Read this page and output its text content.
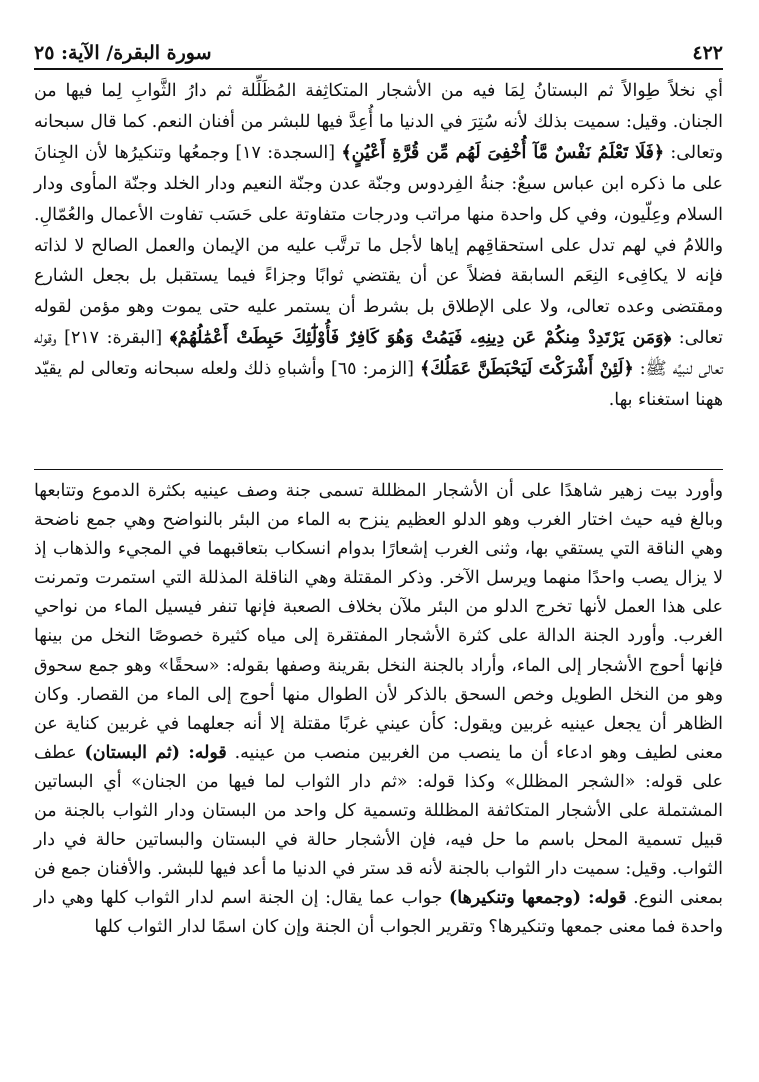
٤٢٢
سورة البقرة/ الآية: ٢٥

أي نخلاً طِوالاً ثم البستانُ لِمَا فيه من الأشجار المتكاثِفة المُظَلِّلة ثم دارُ الثَّوابِ لِما فيها من الجنان. وقيل: سميت بذلك لأنه سُتِرَ في الدنيا ما أُعِدَّ فيها للبشر من أفنان النعم. كما قال سبحانه وتعالى: ﴿فَلَا تَعْلَمُ نَفْسٌ مَّآ أُخْفِىَ لَهُم مِّن قُرَّةِ أَعْيُنٍ﴾ [السجدة: ١٧] وجمعُها وتنكيرُها لأن الجِنانَ على ما ذكره ابن عباس سبعٌ: جنةُ الفِردوس وجنّة عدن وجنّة النعيم ودار الخلد وجنّة المأوى ودار السلام وعِلّيون، وفي كل واحدة منها مراتب ودرجات متفاوتة على حَسَب تفاوت الأعمال والعُمّالِ. واللامُ في لهم تدل على استحقاقِهم إياها لأجل ما ترتَّب عليه من الإيمان والعمل الصالح لا لذاته فإنه لا يكافِىء النِعَم السابقة فضلاً عن أن يقتضي ثوابًا وجزاءً فيما يستقبل بل بجعل الشارع ومقتضى وعده تعالى، ولا على الإطلاق بل بشرط أن يستمر عليه حتى يموت وهو مؤمن لقوله تعالى: ﴿وَمَن يَرْتَدِدْ مِنكُمْ عَن دِينِهِۦ فَيَمُتْ وَهُوَ كَافِرٌ فَأُوْلَٰٓئِكَ حَبِطَتْ أَعْمَٰلُهُمْ﴾ [البقرة: ٢١٧] وقوله تعالى لنبيِّه ﷺ: ﴿لَئِنْ أَشْرَكْتَ لَيَحْبَطَنَّ عَمَلُكَ﴾ [الزمر: ٦٥] وأشباهِ ذلك ولعله سبحانه وتعالى لم يقيّد ههنا استغناء بها.

وأورد بيت زهير شاهدًا على أن الأشجار المظللة تسمى جنة وصف عينيه بكثرة الدموع وتتابعها وبالغ فيه حيث اختار الغرب وهو الدلو العظيم ينزح به الماء من البئر بالنواضح وهي جمع ناضحة وهي الناقة التي يستقي بها، وثنى الغرب إشعارًا بدوام انسكاب بتعاقبهما في المجيء والذهاب إذ لا يزال يصب واحدًا منهما ويرسل الآخر. وذكر المقتلة وهي الناقلة المذللة التي استمرت وتمرنت على هذا العمل لأنها تخرج الدلو من البئر ملآن بخلاف الصعبة فإنها تنفر فيسيل الماء من نواحي الغرب. وأورد الجنة الدالة على كثرة الأشجار المفتقرة إلى مياه كثيرة خصوصًا النخل من بينها فإنها أحوج الأشجار إلى الماء، وأراد بالجنة النخل بقرينة وصفها بقوله: «سحقًا» وهو جمع سحوق وهو من النخل الطويل وخص السحق بالذكر لأن الطوال منها أحوج إلى الماء من القصار. وكان الظاهر أن يجعل عينيه غربين ويقول: كأن عيني غربًا مقتلة إلا أنه جعلهما في غربين كناية عن معنى لطيف وهو ادعاء أن ما ينصب من الغربين منصب من عينيه. قوله: (ثم البستان) عطف على قوله: «الشجر المظلل» وكذا قوله: «ثم دار الثواب لما فيها من الجنان» أي البساتين المشتملة على الأشجار المتكاثفة المظللة وتسمية كل واحد من البستان ودار الثواب بالجنة من قبيل تسمية المحل باسم ما حل فيه، فإن الأشجار حالة في البستان والبساتين حالة في دار الثواب. وقيل: سميت دار الثواب بالجنة لأنه قد ستر في الدنيا ما أعد فيها للبشر. والأفنان جمع فن بمعنى النوع. قوله: (وجمعها وتنكيرها) جواب عما يقال: إن الجنة اسم لدار الثواب كلها وهي دار واحدة فما معنى جمعها وتنكيرها؟ وتقرير الجواب أن الجنة وإن كان اسمًا لدار الثواب كلها
